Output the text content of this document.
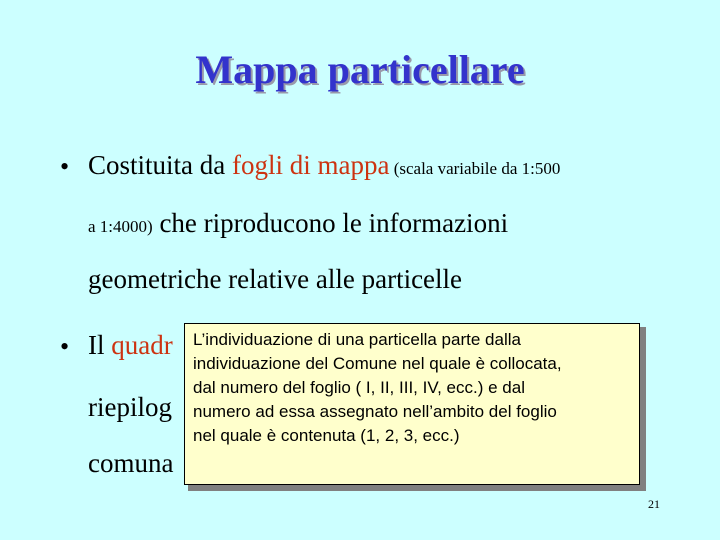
Mappa particellare
• Costituita da fogli di mappa (scala variabile da 1:500
a 1:4000) che riproducono le informazioni
geometriche relative alle particelle
• Il quadr
riepilog
comuna
L’individuazione di una particella parte dalla
individuazione del Comune nel quale è collocata,
dal numero del foglio ( I, II, III, IV, ecc.) e dal
numero ad essa assegnato nell’ambito del foglio
nel quale è contenuta (1, 2, 3, ecc.)
21
